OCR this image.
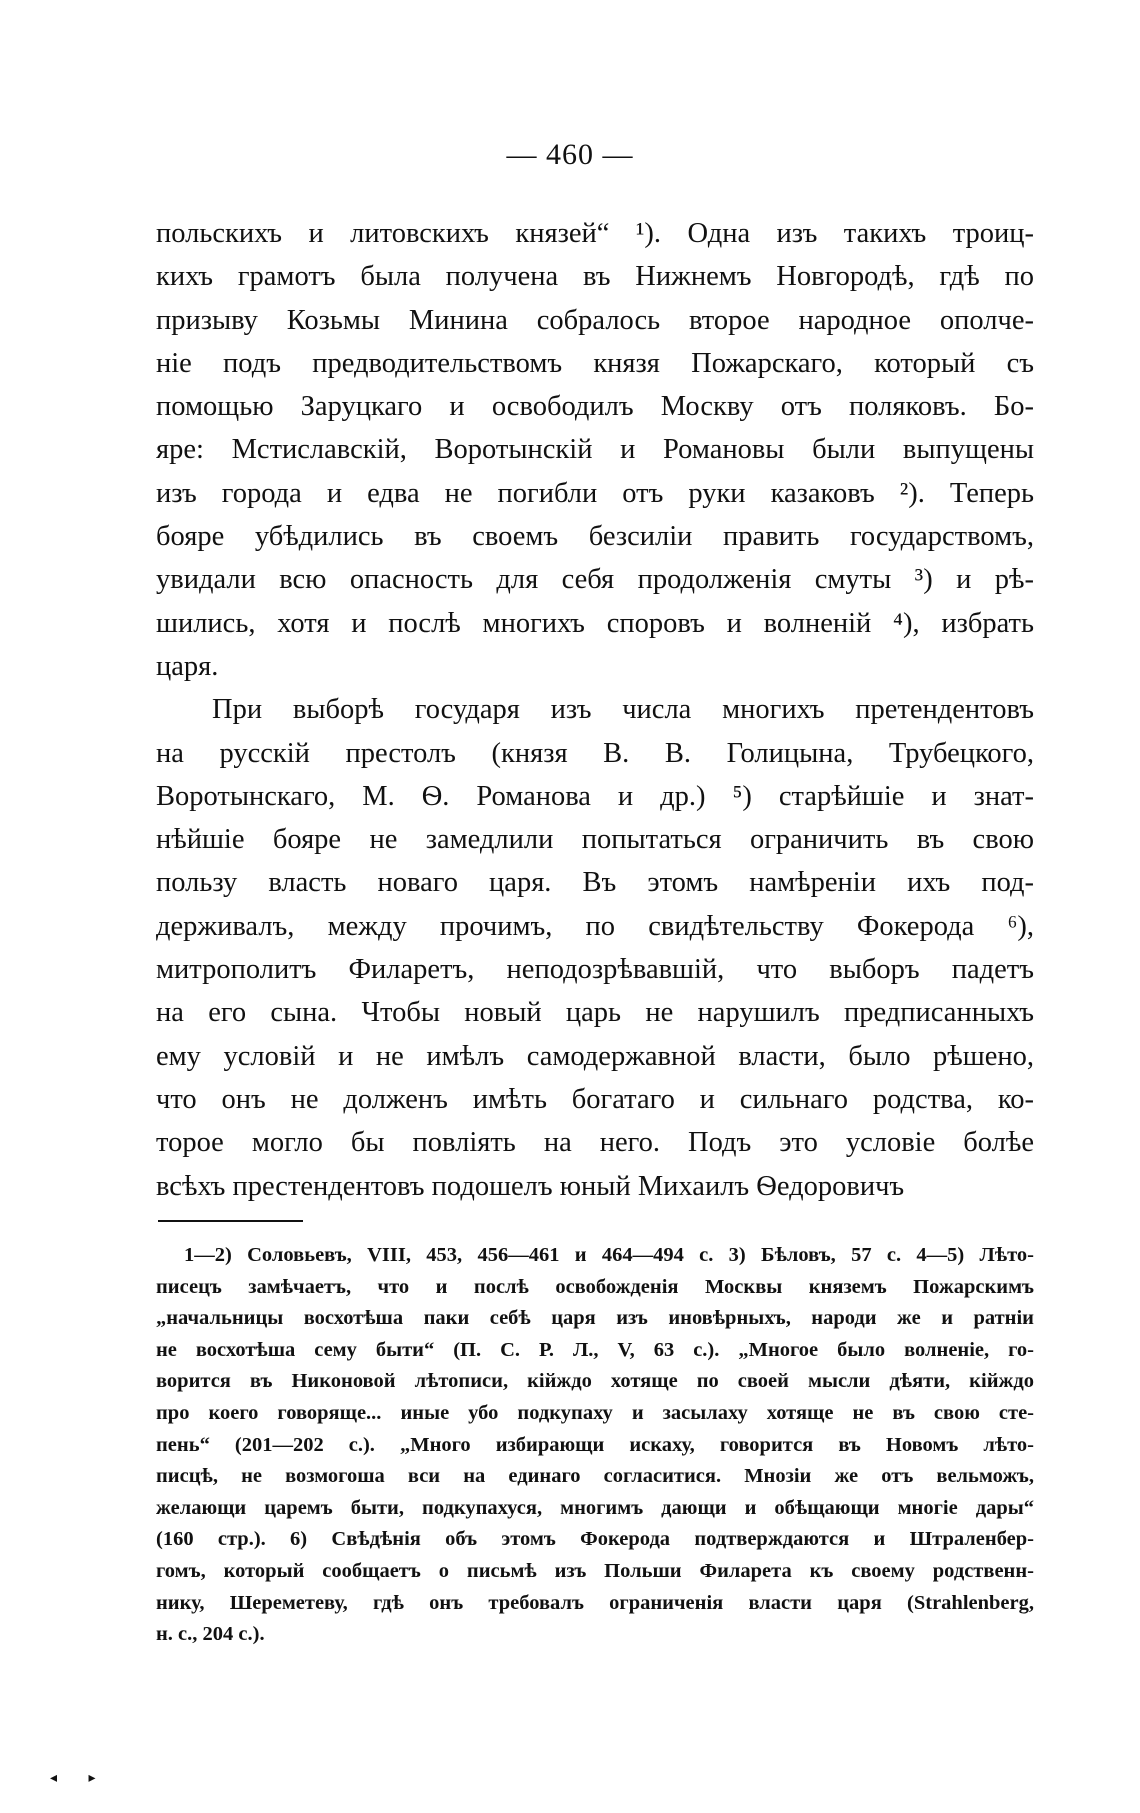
— 460 —
польскихъ и литовскихъ князей“ ¹). Одна изъ такихъ троиц-
кихъ грамотъ была получена въ Нижнемъ Новгородѣ, гдѣ по
призыву Козьмы Минина собралось второе народное ополче-
ніе подъ предводительствомъ князя Пожарскаго, который съ
помощью Заруцкаго и освободилъ Москву отъ поляковъ. Бо-
яре: Мстиславскій, Воротынскій и Романовы были выпущены
изъ города и едва не погибли отъ руки казаковъ ²). Теперь
бояре убѣдились въ своемъ безсиліи править государствомъ,
увидали всю опасность для себя продолженія смуты ³) и рѣ-
шились, хотя и послѣ многихъ споровъ и волненій ⁴), избрать
царя.
При выборѣ государя изъ числа многихъ претендентовъ
на русскій престолъ (князя В. В. Голицына, Трубецкого,
Воротынскаго, М. Ѳ. Романова и др.) ⁵) старѣйшіе и знат-
нѣйшіе бояре не замедлили попытаться ограничить въ свою
пользу власть новаго царя. Въ этомъ намѣреніи ихъ под-
держивалъ, между прочимъ, по свидѣтельству Фокерода ⁶),
митрополитъ Филаретъ, неподозрѣвавшій, что выборъ падетъ
на его сына. Чтобы новый царь не нарушилъ предписанныхъ
ему условій и не имѣлъ самодержавной власти, было рѣшено,
что онъ не долженъ имѣть богатаго и сильнаго родства, ко-
торое могло бы повліять на него. Подъ это условіе болѣе
всѣхъ престендентовъ подошелъ юный Михаилъ Ѳедоровичъ
1—2) Соловьевъ, VIII, 453, 456—461 и 464—494 с. 3) Бѣловъ, 57 с. 4—5) Лѣто-
писецъ замѣчаетъ, что и послѣ освобожденія Москвы княземъ Пожарскимъ
„начальницы восхотѣша паки себѣ царя изъ иновѣрныхъ, народи же и ратніи
не восхотѣша сему быти“ (П. С. Р. Л., V, 63 с.). „Многое было волненіе, го-
ворится въ Никоновой лѣтописи, кійждо хотяще по своей мысли дѣяти, кійждо
про коего говоряще... иные убо подкупаху и засылаху хотяще не въ свою сте-
пень“ (201—202 с.). „Много избирающи искаху, говорится въ Новомъ лѣто-
писцѣ, не возмогоша вси на единаго согласитися. Мнозіи же отъ вельможъ,
желающи царемъ быти, подкупахуся, многимъ дающи и обѣщающи многіе дары“
(160 стр.). 6) Свѣдѣнія объ этомъ Фокерода подтверждаются и Штраленбер-
гомъ, который сообщаетъ о письмѣ изъ Польши Филарета къ своему родственн-
нику, Шереметеву, гдѣ онъ требовалъ ограниченія власти царя (Strahlenberg,
н. с., 204 с.).
◂ ▸
